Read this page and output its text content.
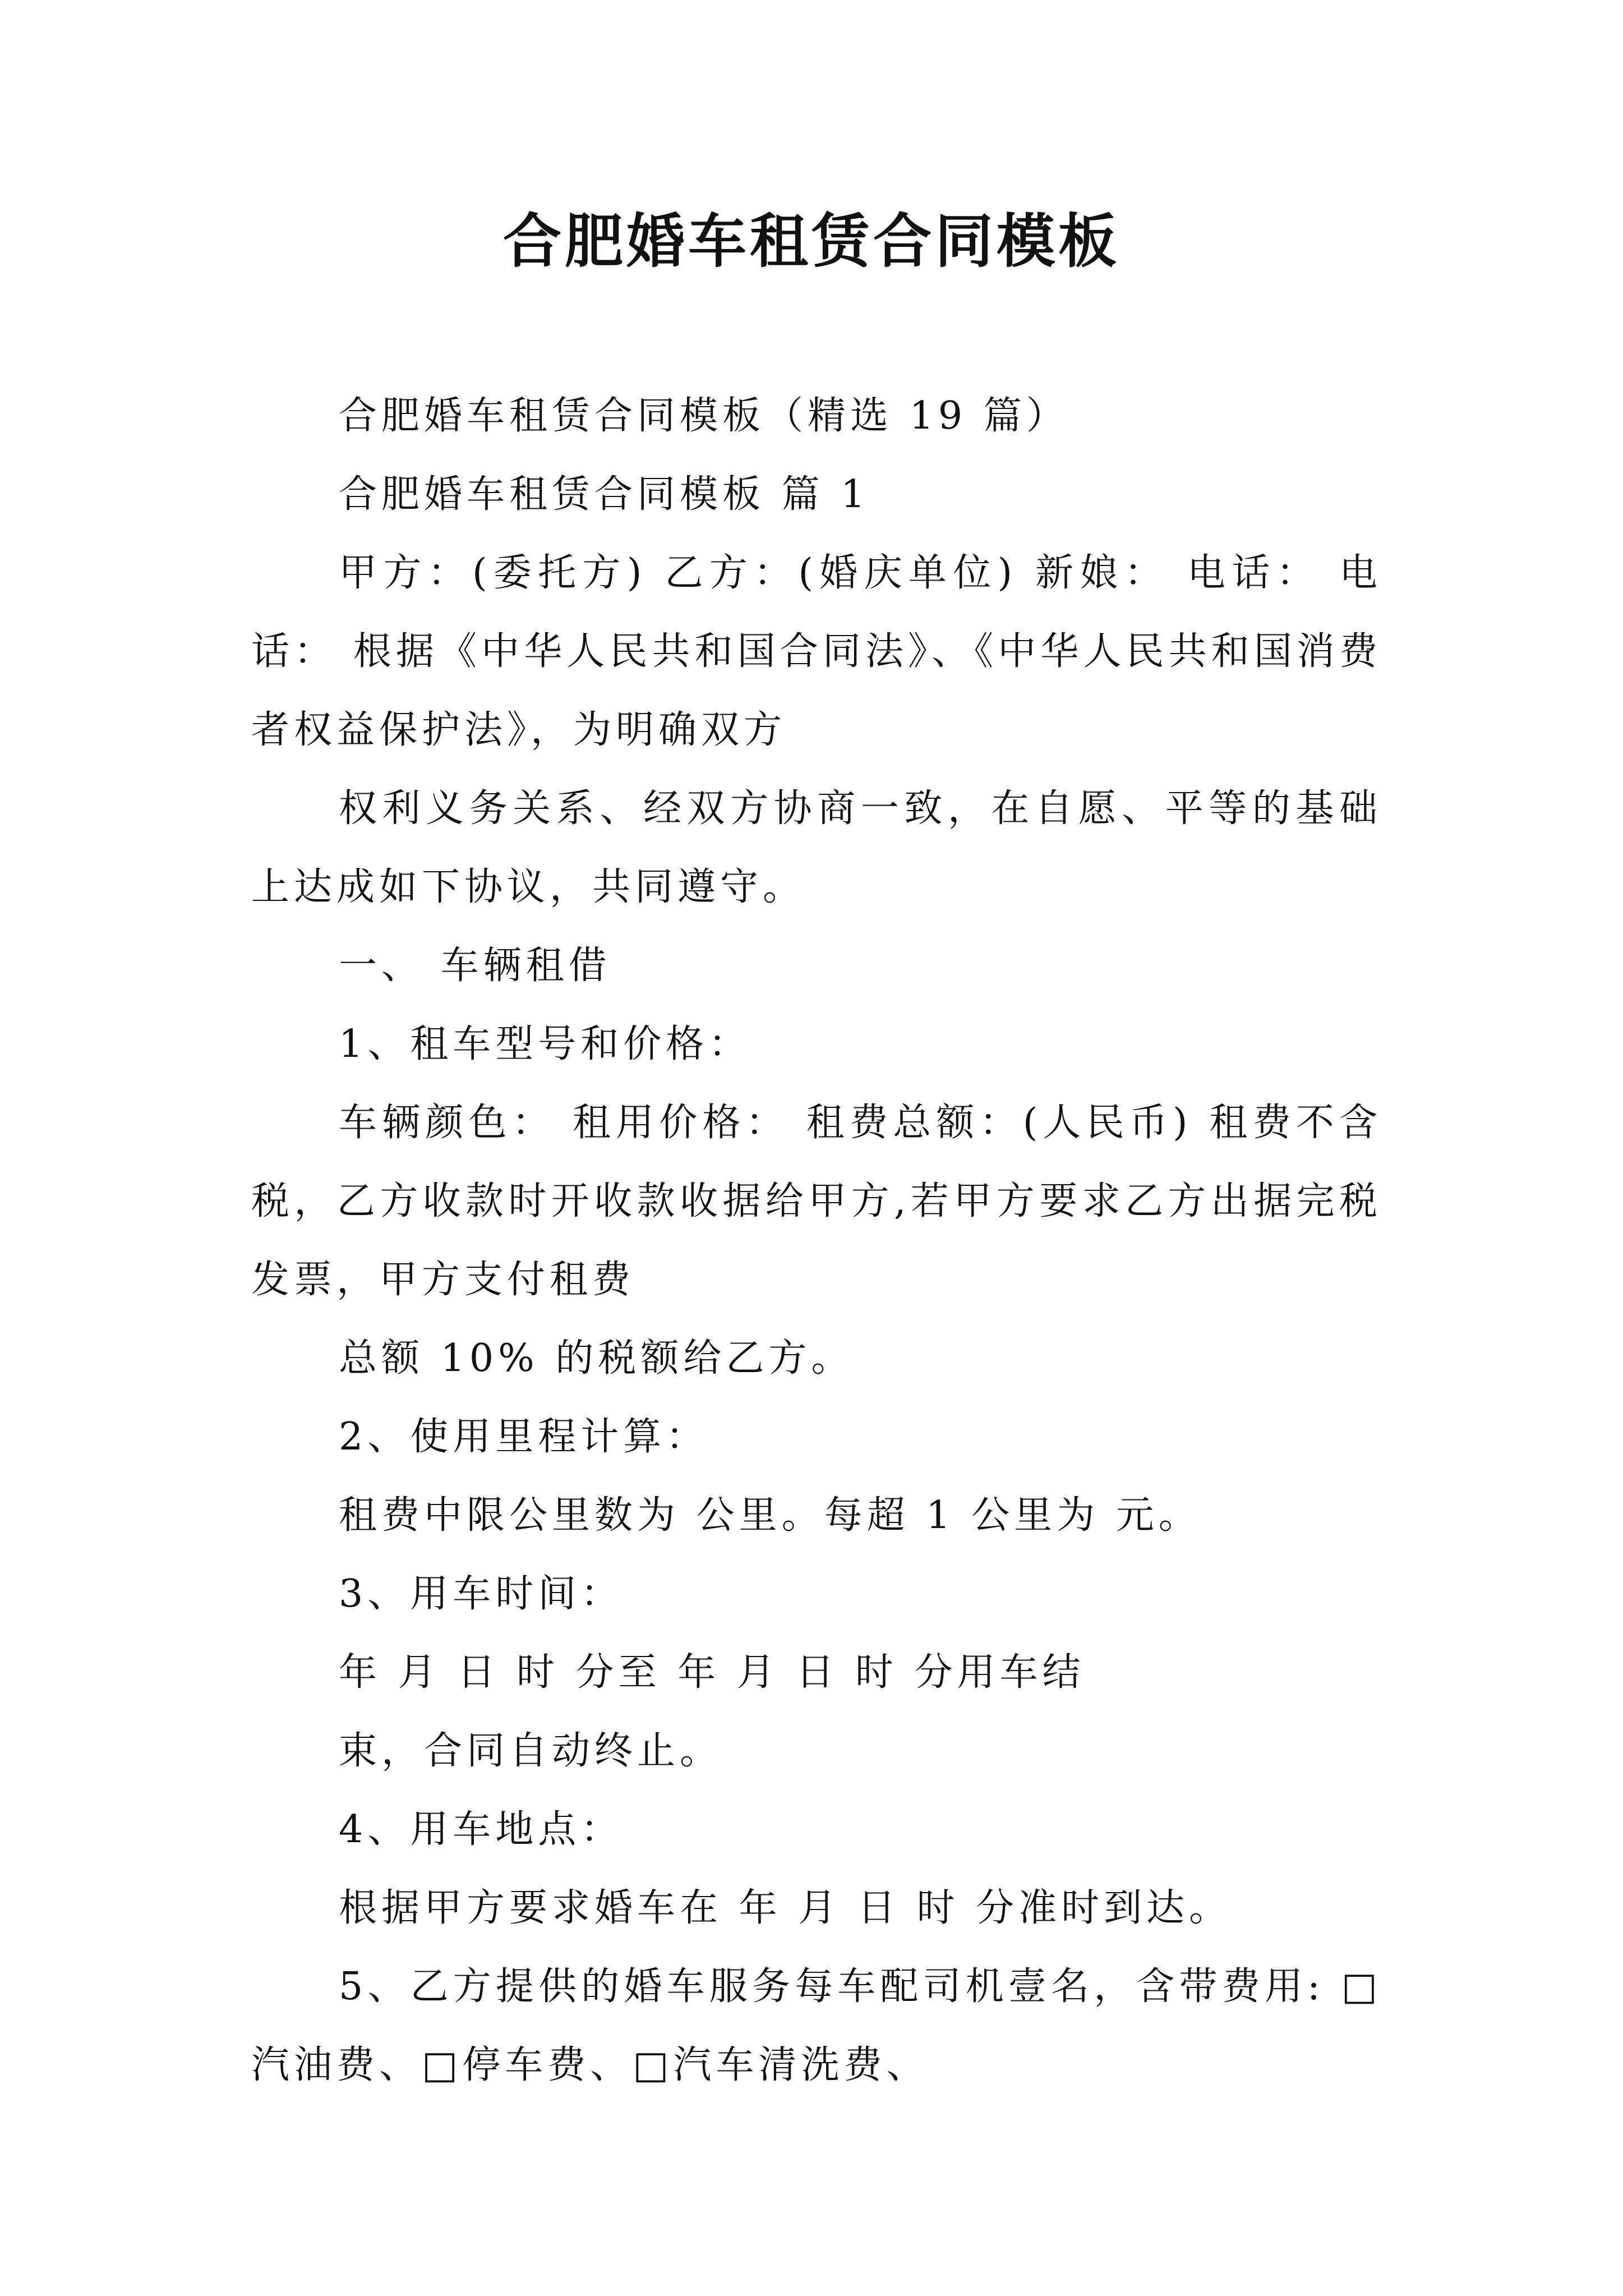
合肥婚车租赁合同模板

合肥婚车租赁合同模板（精选 19 篇）

合肥婚车租赁合同模板 篇 1

甲方：(委托方) 乙方：(婚庆单位) 新娘： 电话： 电话： 根据《中华人民共和国合同法》、《中华人民共和国消费者权益保护法》，为明确双方

权利义务关系、经双方协商一致，在自愿、平等的基础上达成如下协议，共同遵守。

一、 车辆租借

1、租车型号和价格：

车辆颜色： 租用价格： 租费总额：(人民币) 租费不含税，乙方收款时开收款收据给甲方,若甲方要求乙方出据完税发票，甲方支付租费

总额 10% 的税额给乙方。

2、使用里程计算：

租费中限公里数为 公里。每超 1 公里为 元。

3、用车时间：

年 月 日 时 分至 年 月 日 时 分用车结

束，合同自动终止。

4、用车地点：

根据甲方要求婚车在 年 月 日 时 分准时到达。

5、乙方提供的婚车服务每车配司机壹名，含带费用: □汽油费、□停车费、□汽车清洗费、
